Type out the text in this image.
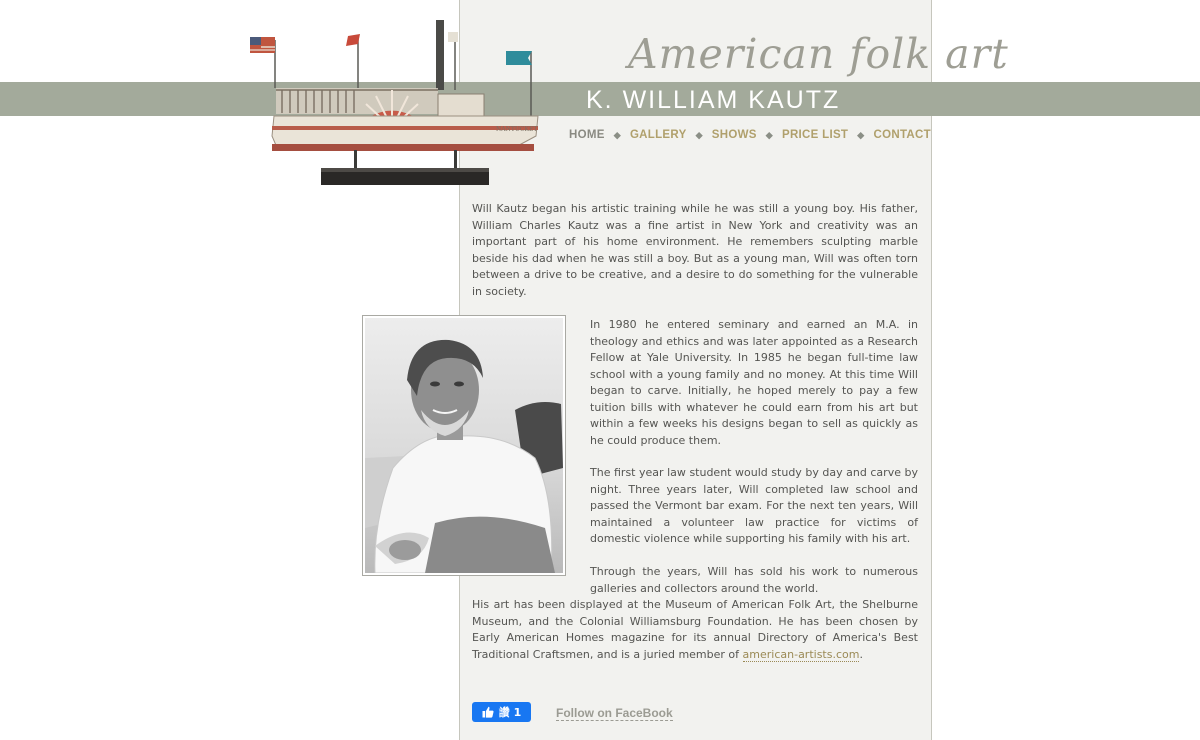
American folk art
K. WILLIAM KAUTZ
NANTUCKET	HOME ◆ GALLERY ◆ SHOWS ◆ PRICE LIST ◆ CONTACT

Will Kautz began his artistic training while he was still a young boy. His father, William Charles Kautz was a fine artist in New York and creativity was an important part of his home environment. He remembers sculpting marble beside his dad when he was still a boy. But as a young man, Will was often torn between a drive to be creative, and a desire to do something for the vulnerable in society.

In 1980 he entered seminary and earned an M.A. in theology and ethics and was later appointed as a Research Fellow at Yale University. In 1985 he began full-time law school with a young family and no money. At this time Will began to carve. Initially, he hoped merely to pay a few tuition bills with whatever he could earn from his art but within a few weeks his designs began to sell as quickly as he could produce them.

The first year law student would study by day and carve by night. Three years later, Will completed law school and passed the Vermont bar exam. For the next ten years, Will maintained a volunteer law practice for victims of domestic violence while supporting his family with his art.

Through the years, Will has sold his work to numerous galleries and collectors around the world.

His art has been displayed at the Museum of American Folk Art, the Shelburne Museum, and the Colonial Williamsburg Foundation. He has been chosen by Early American Homes magazine for its annual Directory of America's Best Traditional Craftsmen, and is a juried member of american-artists.com.

讚 1	Follow on FaceBook
